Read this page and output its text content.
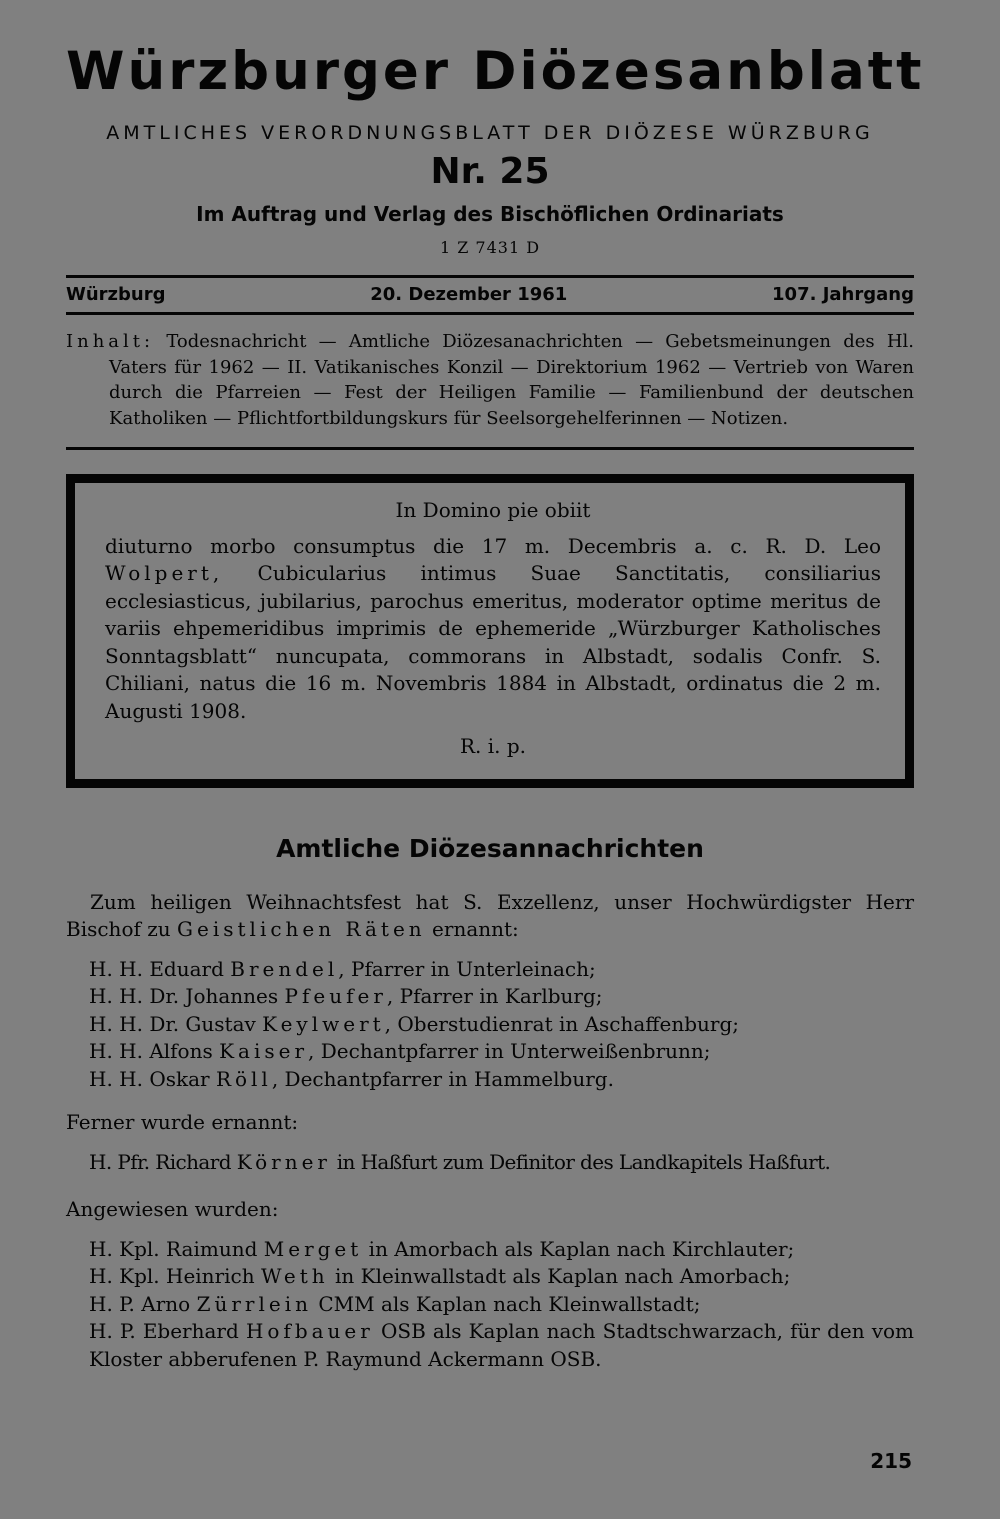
Würzburger Diözesanblatt
AMTLICHES VERORDNUNGSBLATT DER DIÖZESE WÜRZBURG
Nr. 25
Im Auftrag und Verlag des Bischöflichen Ordinariats
1 Z 7431 D
Würzburg	20. Dezember 1961	107. Jahrgang

Inhalt: Todesnachricht — Amtliche Diözesanachrichten — Gebetsmeinungen des Hl. Vaters für 1962 — II. Vatikanisches Konzil — Direktorium 1962 — Vertrieb von Waren durch die Pfarreien — Fest der Heiligen Familie — Familienbund der deutschen Katholiken — Pflichtfortbildungskurs für Seelsorgehelferinnen — Notizen.

In Domino pie obiit

diuturno morbo consumptus die 17 m. Decembris a. c. R. D. Leo Wolpert, Cubicularius intimus Suae Sanctitatis, consiliarius ecclesiasticus, jubilarius, parochus emeritus, moderator optime meritus de variis ehpemeridibus imprimis de ephemeride „Würzburger Katholisches Sonntagsblatt“ nuncupata, commorans in Albstadt, sodalis Confr. S. Chiliani, natus die 16 m. Novembris 1884 in Albstadt, ordinatus die 2 m. Augusti 1908.

R. i. p.
Amtliche Diözesannachrichten

Zum heiligen Weihnachtsfest hat S. Exzellenz, unser Hochwürdigster Herr Bischof zu Geistlichen Räten ernannt:

H. H. Eduard Brendel, Pfarrer in Unterleinach;
H. H. Dr. Johannes Pfeufer, Pfarrer in Karlburg;
H. H. Dr. Gustav Keylwert, Oberstudienrat in Aschaffenburg;
H. H. Alfons Kaiser, Dechantpfarrer in Unterweißenbrunn;
H. H. Oskar Röll, Dechantpfarrer in Hammelburg.
Ferner wurde ernannt:
H. Pfr. Richard Körner in Haßfurt zum Definitor des Landkapitels Haßfurt.
Angewiesen wurden:
H. Kpl. Raimund Merget in Amorbach als Kaplan nach Kirchlauter;
H. Kpl. Heinrich Weth in Kleinwallstadt als Kaplan nach Amorbach;
H. P. Arno Zürrlein CMM als Kaplan nach Kleinwallstadt;
H. P. Eberhard Hofbauer OSB als Kaplan nach Stadtschwarzach, für den vom Kloster abberufenen P. Raymund Ackermann OSB.
215
